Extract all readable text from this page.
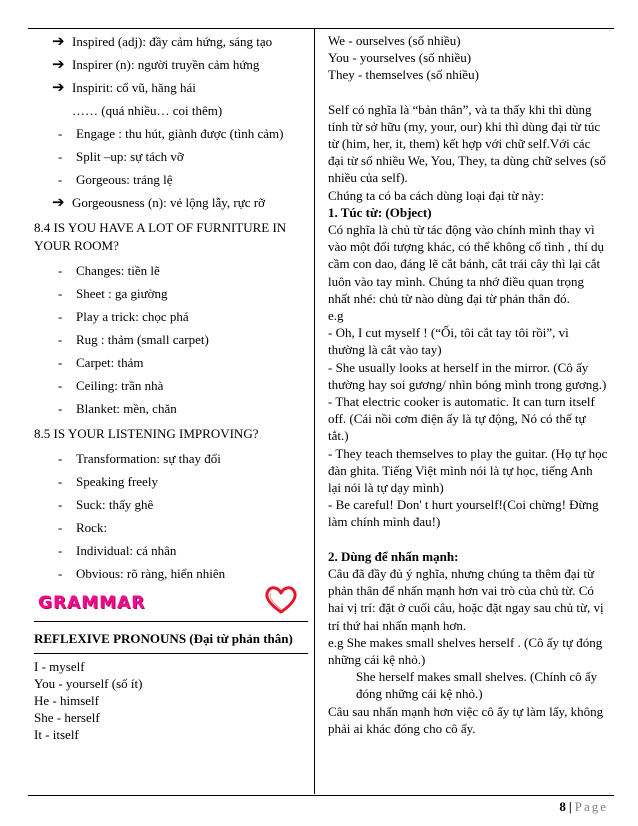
➔ Inspired (adj): đầy cảm hứng, sáng tạo
➔ Inspirer (n): người truyền cảm hứng
➔ Inspirit: cổ vũ, hăng hái
…… (quá nhiều… coi thêm)
- Engage : thu hút, giành được (tình cảm)
- Split –up: sự tách vỡ
- Gorgeous: tráng lệ
➔ Gorgeousness (n): vẻ lộng lẫy, rực rỡ
8.4 IS YOU HAVE A LOT OF FURNITURE IN YOUR ROOM?
- Changes: tiền lẽ
- Sheet : ga giường
- Play a trick: chọc phá
- Rug : thảm (small carpet)
- Carpet: thảm
- Ceiling: trần nhà
- Blanket: mền, chăn
8.5 IS YOUR LISTENING IMPROVING?
- Transformation: sự thay đổi
- Speaking freely
- Suck: thấy ghê
- Rock:
- Individual: cá nhân
- Obvious: rõ ràng, hiển nhiên
GRAMMAR
REFLEXIVE PRONOUNS (Đại từ phản thân)
I - myself
You - yourself (số ít)
He - himself
She - herself
It - itself
We - ourselves (số nhiều)
You - yourselves (số nhiều)
They - themselves (số nhiều)

Self có nghĩa là “bản thân”, và ta thấy khi thì dùng tính từ sở hữu (my, your, our) khi thì dùng đại từ túc từ (him, her, it, them) kết hợp với chữ self.Với các đại từ số nhiều We, You, They, ta dùng chữ selves (số nhiều của self).

Chúng ta có ba cách dùng loại đại từ này:

1. Túc từ: (Object)

Có nghĩa là chủ từ tác động vào chính mình thay vì vào một đối tượng khác, có thể không cố tình , thí dụ cầm con dao, đáng lẽ cắt bánh, cắt trái cây thì lại cắt luôn vào tay mình. Chúng ta nhớ điều quan trọng nhất nhé: chủ từ nào dùng đại từ phản thân đó.

e.g

- Oh, I cut myself ! (“Ối, tôi cắt tay tôi rồi”, vì thường là cắt vào tay)

- She usually looks at herself in the mirror. (Cô ấy thường hay soi gương/ nhìn bóng mình trong gương.)

- That electric cooker is automatic. It can turn itself off. (Cái nồi cơm điện ấy là tự động, Nó có thể tự tắt.)

- They teach themselves to play the guitar. (Họ tự học đàn ghita. Tiếng Việt mình nói là tự học, tiếng Anh lại nói là tự dạy mình)

- Be careful! Don' t hurt yourself!(Coi chừng! Đừng làm chính mình đau!)

2. Dùng để nhấn mạnh:

Câu đã đầy đủ ý nghĩa, nhưng chúng ta thêm đại từ phản thân để nhấn mạnh hơn vai trò của chủ từ. Có hai vị trí: đặt ở cuối câu, hoặc đặt ngay sau chủ từ, vị trí thứ hai nhấn mạnh hơn.

e.g She makes small shelves herself . (Cô ấy tự đóng những cái kệ nhỏ.)

She herself makes small shelves. (Chính cô ấy đóng những cái kệ nhỏ.)

Câu sau nhấn mạnh hơn việc cô ấy tự làm lấy, không phải ai khác đóng cho cô ấy.

8 | Page
